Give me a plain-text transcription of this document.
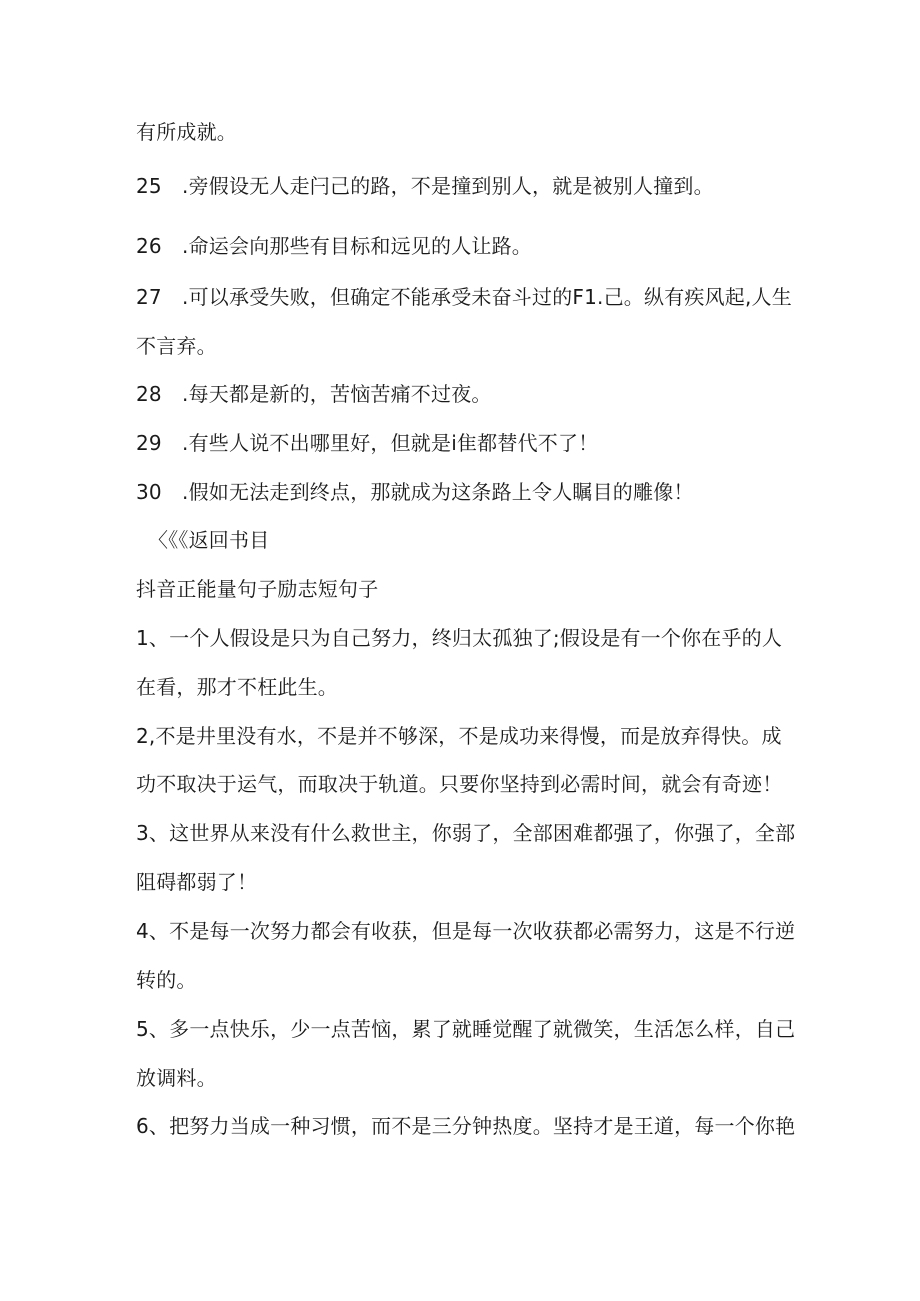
有所成就。
25　.旁假设无人走闩己的路，不是撞到别人，就是被别人撞到。
26　.命运会向那些有目标和远见的人让路。
27　.可以承受失败，但确定不能承受未奋斗过的F1.己。纵有疾风起,人生
不言弃。
28　.每天都是新的，苦恼苦痛不过夜。
29　.有些人说不出哪里好，但就是i隹都替代不了！
30　.假如无法走到终点，那就成为这条路上令人瞩目的雕像！
〈《《返回书目
抖音正能量句子励志短句子
1、一个人假设是只为自己努力，终归太孤独了;假设是有一个你在乎的人
在看，那才不枉此生。
2,不是井里没有水，不是并不够深，不是成功来得慢，而是放弃得快。成
功不取决于运气，而取决于轨道。只要你坚持到必需时间，就会有奇迹！
3、这世界从来没有什么救世主，你弱了，全部困难都强了，你强了，全部
阻碍都弱了！
4、不是每一次努力都会有收获，但是每一次收获都必需努力，这是不行逆
转的。
5、多一点快乐，少一点苦恼，累了就睡觉醒了就微笑，生活怎么样，自己
放调料。
6、把努力当成一种习惯，而不是三分钟热度。坚持才是王道，每一个你艳
